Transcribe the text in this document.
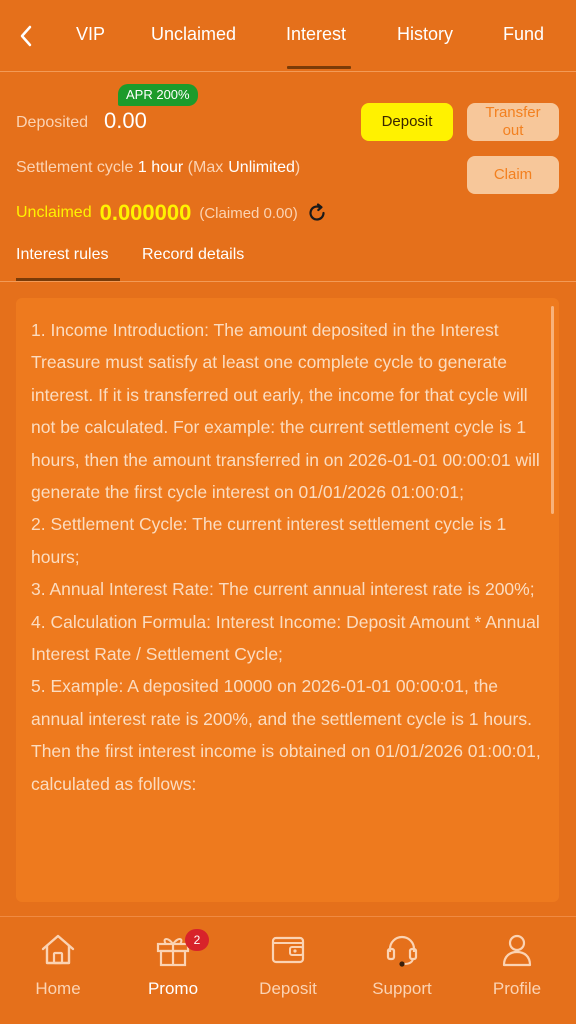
VIP	Unclaimed	Interest	History	Fund
APR 200%
Deposited 0.00	Deposit
Transfer out
Claim
Settlement cycle 1 hour (Max Unlimited)
Unclaimed 0.000000 (Claimed 0.00)
Interest rules Record details

1. Income Introduction: The amount deposited in the Interest Treasure must satisfy at least one complete cycle to generate interest. If it is transferred out early, the income for that cycle will not be calculated. For example: the current settlement cycle is 1 hours, then the amount transferred in on 2026-01-01 00:00:01 will generate the first cycle interest on 01/01/2026 01:00:01;

2. Settlement Cycle: The current interest settlement cycle is 1 hours;

3. Annual Interest Rate: The current annual interest rate is 200%;

4. Calculation Formula: Interest Income: Deposit Amount * Annual Interest Rate / Settlement Cycle;

5. Example: A deposited 10000 on 2026-01-01 00:00:01, the annual interest rate is 200%, and the settlement cycle is 1 hours. Then the first interest income is obtained on 01/01/2026 01:00:01, calculated as follows:

Home
2
Promo	Deposit	Support	Profile
